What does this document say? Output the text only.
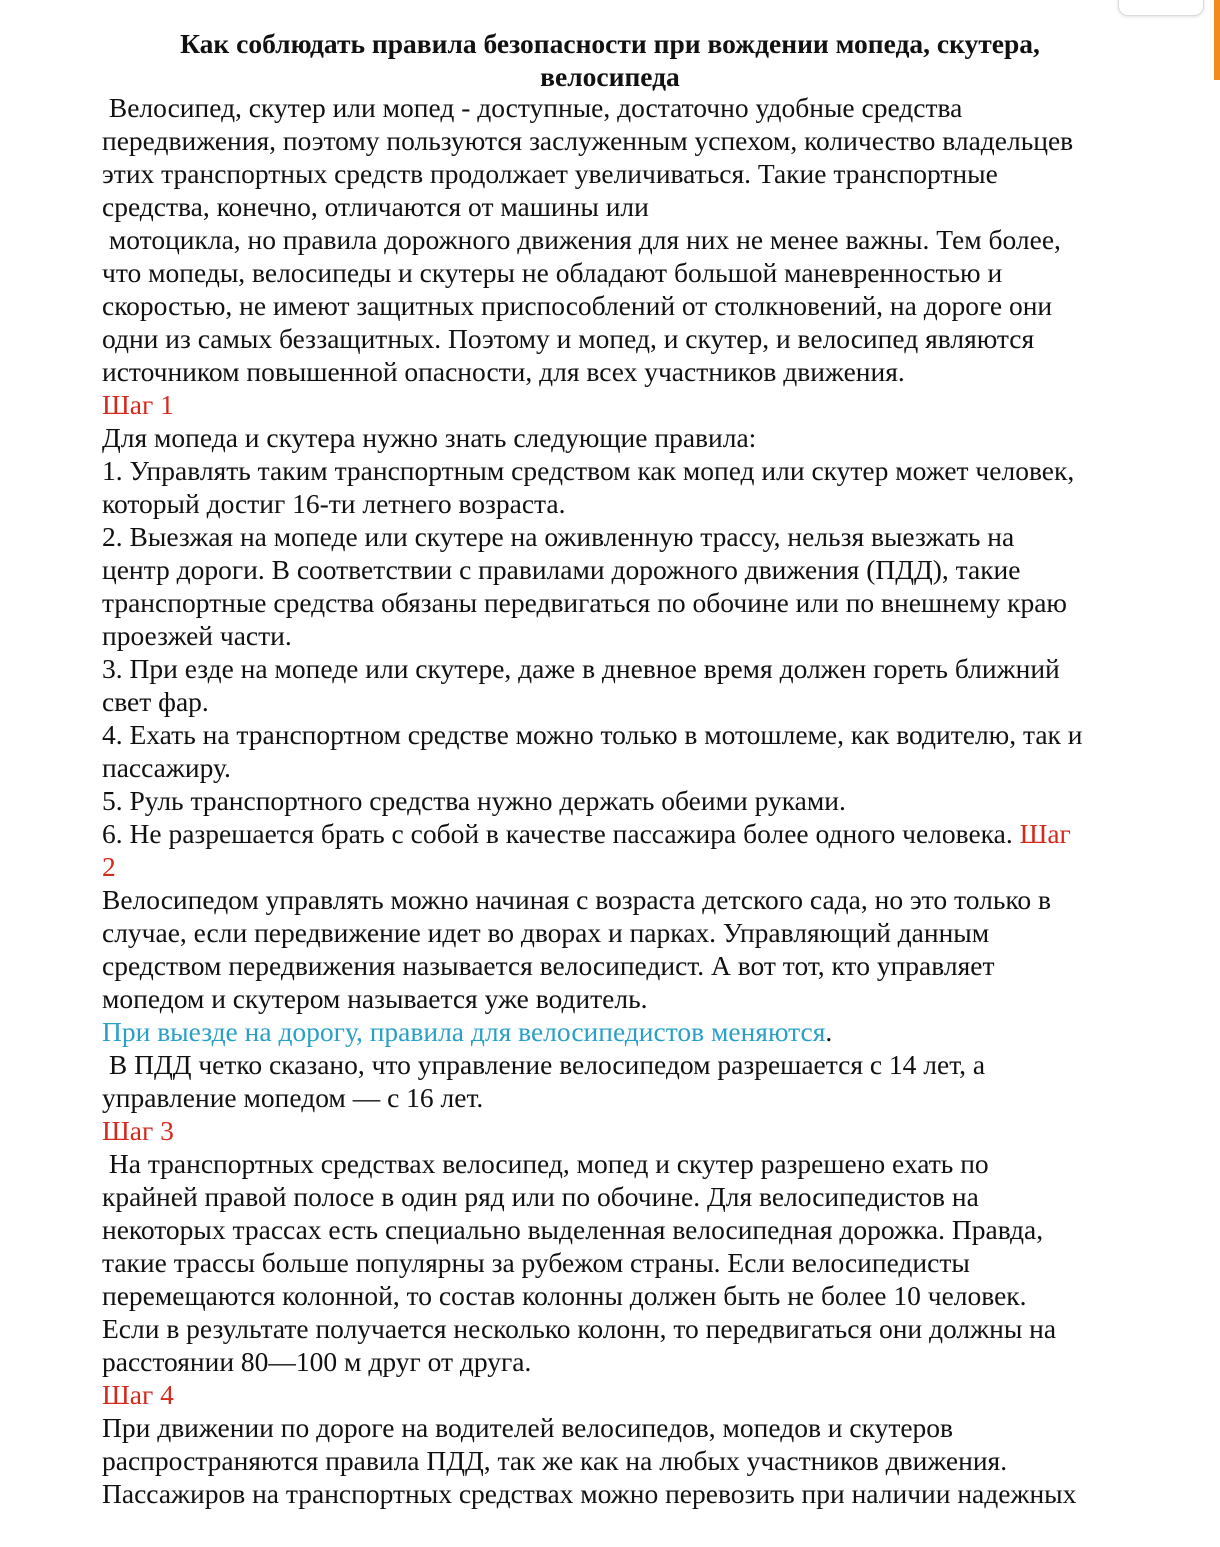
Как соблюдать правила безопасности при вождении мопеда, скутера,
велосипеда
Велосипед, скутер или мопед - доступные, достаточно удобные средства
передвижения, поэтому пользуются заслуженным успехом, количество владельцев
этих транспортных средств продолжает увеличиваться. Такие транспортные
средства, конечно, отличаются от машины или
мотоцикла, но правила дорожного движения для них не менее важны. Тем более,
что мопеды, велосипеды и скутеры не обладают большой маневренностью и
скоростью, не имеют защитных приспособлений от столкновений, на дороге они
одни из самых беззащитных. Поэтому и мопед, и скутер, и велосипед являются
источником повышенной опасности, для всех участников движения.
Шаг 1
Для мопеда и скутера нужно знать следующие правила:
1. Управлять таким транспортным средством как мопед или скутер может человек,
который достиг 16-ти летнего возраста.
2. Выезжая на мопеде или скутере на оживленную трассу, нельзя выезжать на
центр дороги. В соответствии с правилами дорожного движения (ПДД), такие
транспортные средства обязаны передвигаться по обочине или по внешнему краю
проезжей части.
3. При езде на мопеде или скутере, даже в дневное время должен гореть ближний
свет фар.
4. Ехать на транспортном средстве можно только в мотошлеме, как водителю, так и
пассажиру.
5. Руль транспортного средства нужно держать обеими руками.
6. Не разрешается брать с собой в качестве пассажира более одного человека. Шаг
2
Велосипедом управлять можно начиная с возраста детского сада, но это только в
случае, если передвижение идет во дворах и парках. Управляющий данным
средством передвижения называется велосипедист. А вот тот, кто управляет
мопедом и скутером называется уже водитель.
При выезде на дорогу, правила для велосипедистов меняются.
В ПДД четко сказано, что управление велосипедом разрешается с 14 лет, а
управление мопедом — с 16 лет.
Шаг 3
На транспортных средствах велосипед, мопед и скутер разрешено ехать по
крайней правой полосе в один ряд или по обочине. Для велосипедистов на
некоторых трассах есть специально выделенная велосипедная дорожка. Правда,
такие трассы больше популярны за рубежом страны. Если велосипедисты
перемещаются колонной, то состав колонны должен быть не более 10 человек.
Если в результате получается несколько колонн, то передвигаться они должны на
расстоянии 80—100 м друг от друга.
Шаг 4
При движении по дороге на водителей велосипедов, мопедов и скутеров
распространяются правила ПДД, так же как на любых участников движения.
Пассажиров на транспортных средствах можно перевозить при наличии надежных
